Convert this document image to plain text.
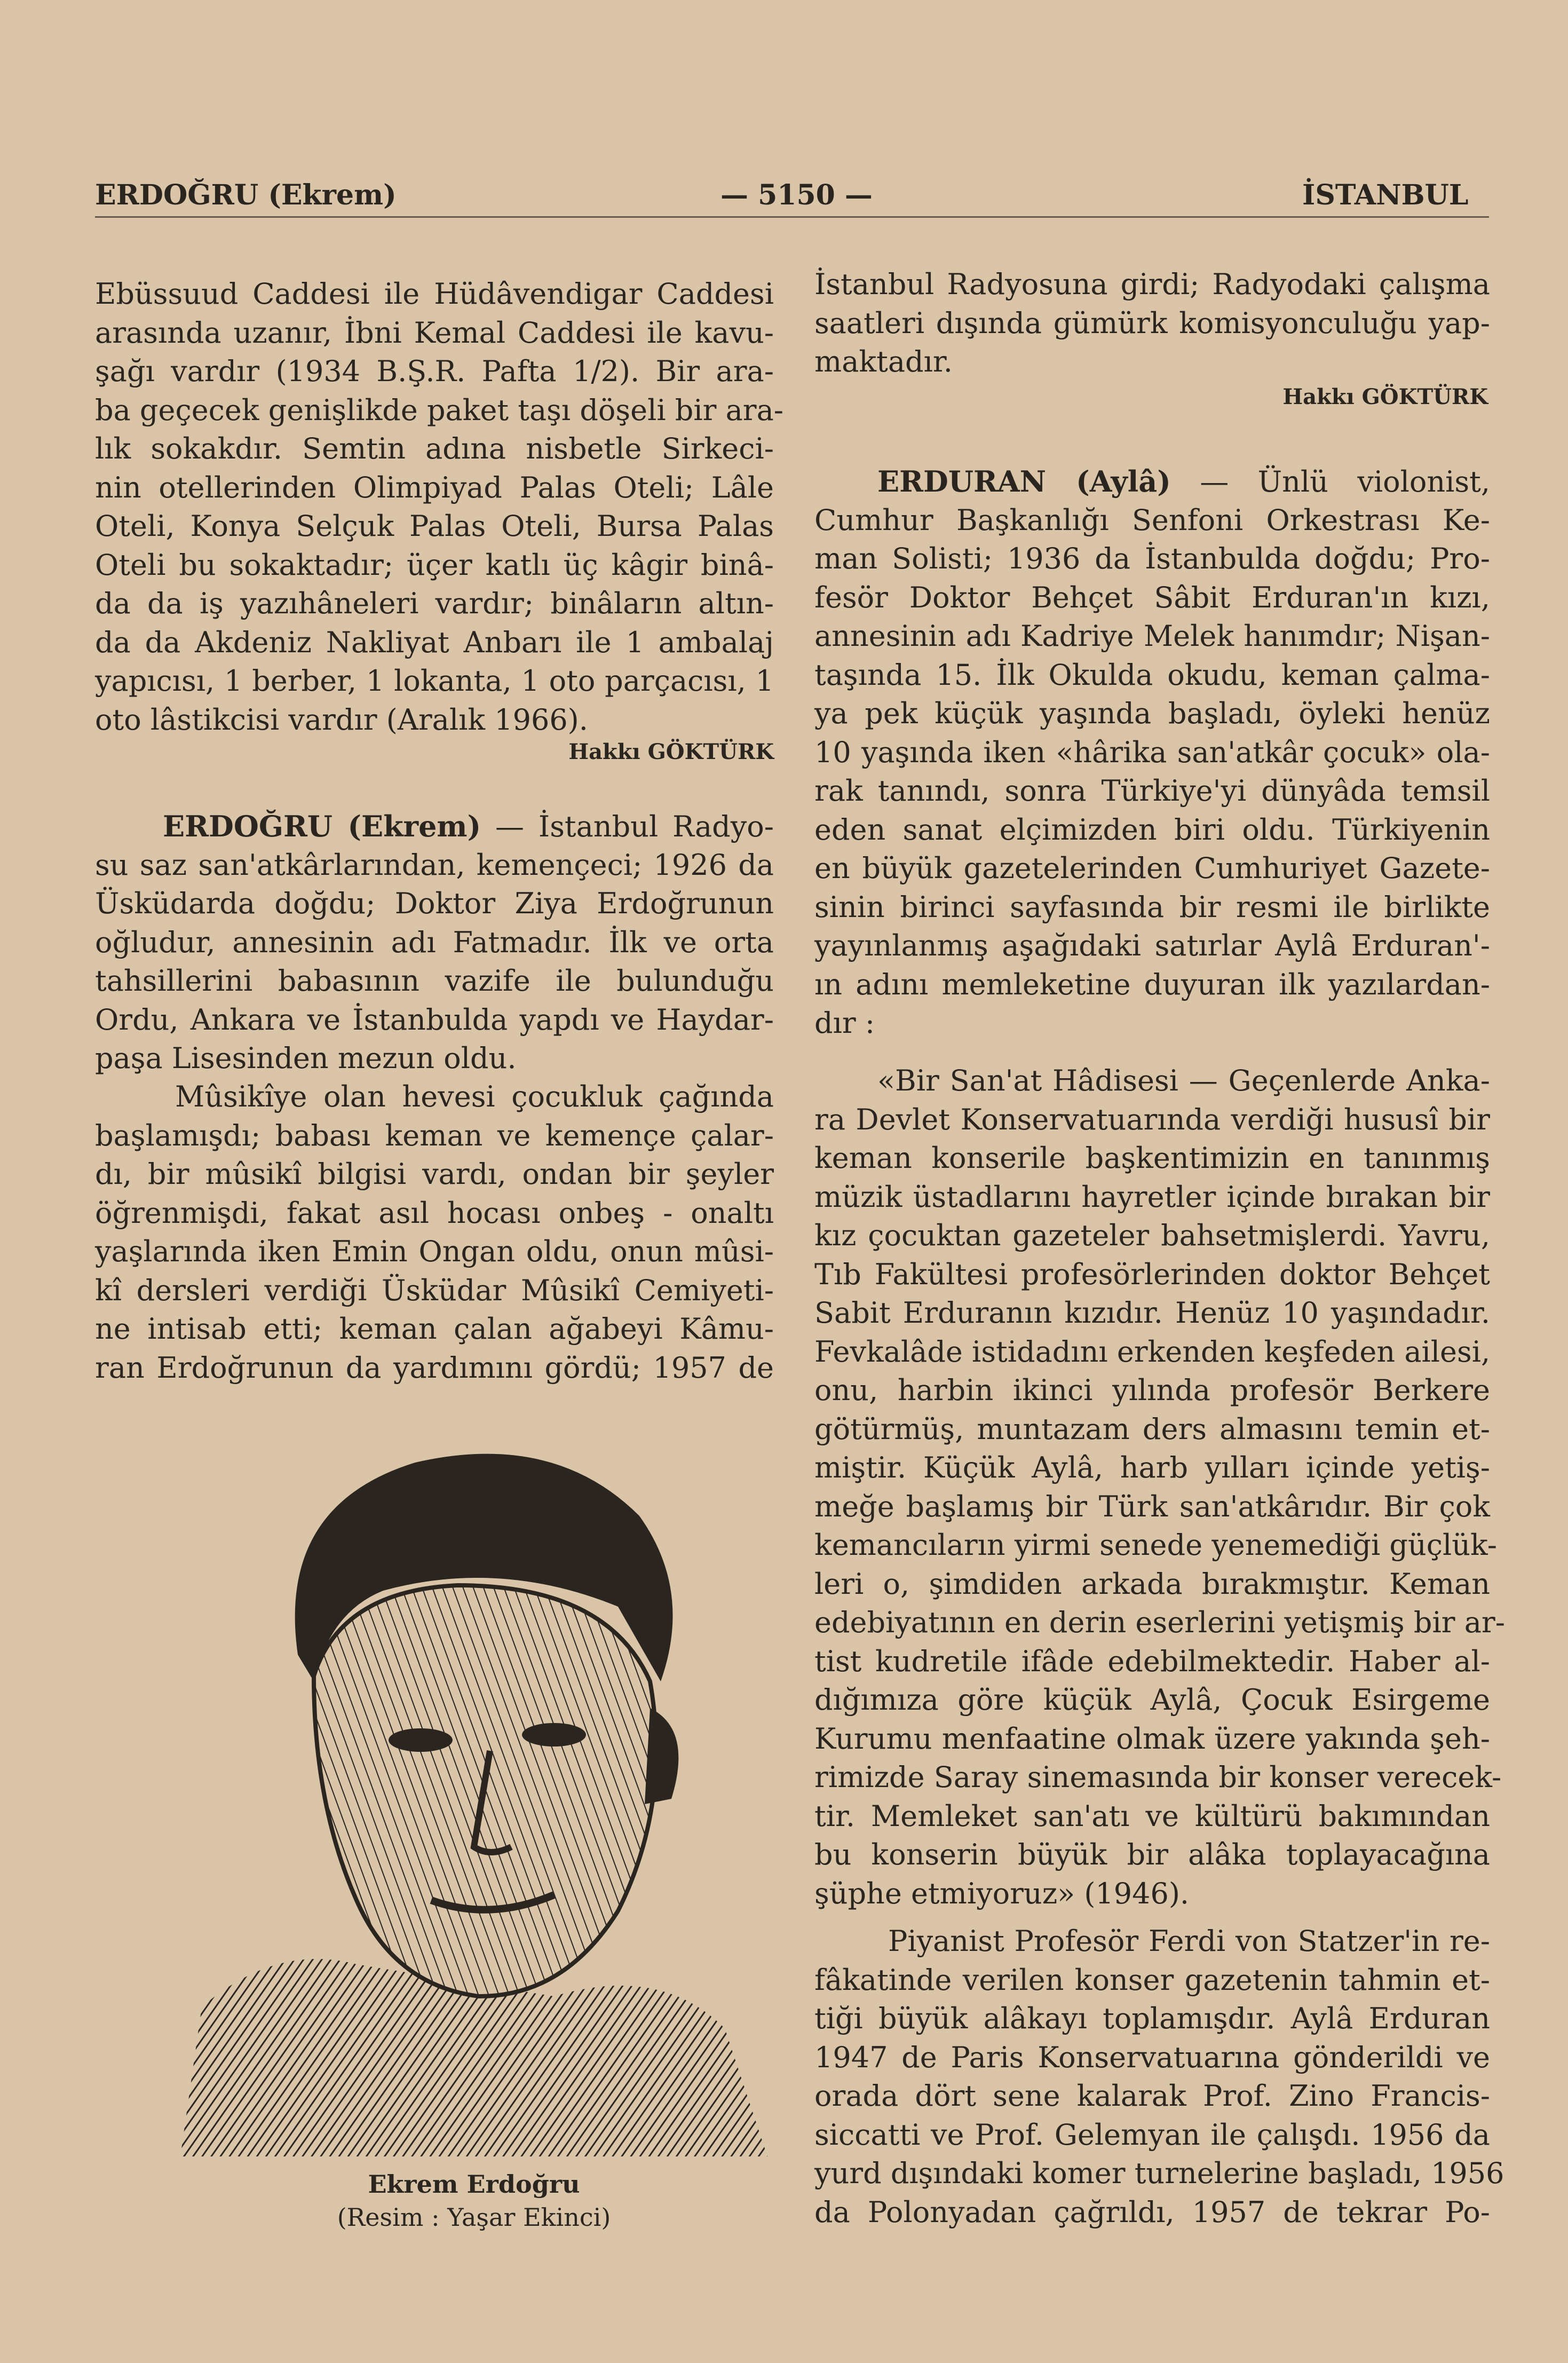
ERDOĞRU (Ekrem)	— 5150 —	İSTANBUL
Ebüssuud Caddesi ile Hüdâvendigar Caddesi
arasında uzanır, İbni Kemal Caddesi ile kavu-
şağı vardır (1934 B.Ş.R. Pafta 1/2). Bir ara-
ba geçecek genişlikde paket taşı döşeli bir ara-
lık sokakdır. Semtin adına nisbetle Sirkeci-
nin otellerinden Olimpiyad Palas Oteli; Lâle
Oteli, Konya Selçuk Palas Oteli, Bursa Palas
Oteli bu sokaktadır; üçer katlı üç kâgir binâ-
da da iş yazıhâneleri vardır; binâların altın-
da da Akdeniz Nakliyat Anbarı ile 1 ambalaj
yapıcısı, 1 berber, 1 lokanta, 1 oto parçacısı, 1
oto lâstikcisi vardır (Aralık 1966).
Hakkı GÖKTÜRK
ERDOĞRU (Ekrem) — İstanbul Radyo-
su saz san'atkârlarından, kemençeci; 1926 da
Üsküdarda doğdu; Doktor Ziya Erdoğrunun
oğludur, annesinin adı Fatmadır. İlk ve orta
tahsillerini babasının vazife ile bulunduğu
Ordu, Ankara ve İstanbulda yapdı ve Haydar-
paşa Lisesinden mezun oldu.
Mûsikîye olan hevesi çocukluk çağında
başlamışdı; babası keman ve kemençe çalar-
dı, bir mûsikî bilgisi vardı, ondan bir şeyler
öğrenmişdi, fakat asıl hocası onbeş - onaltı
yaşlarında iken Emin Ongan oldu, onun mûsi-
kî dersleri verdiği Üsküdar Mûsikî Cemiyeti-
ne intisab etti; keman çalan ağabeyi Kâmu-
ran Erdoğrunun da yardımını gördü; 1957 de
Ekrem Erdoğru
(Resim : Yaşar Ekinci)
İstanbul Radyosuna girdi; Radyodaki çalışma
saatleri dışında gümürk komisyonculuğu yap-
maktadır.
Hakkı GÖKTÜRK
ERDURAN (Aylâ) — Ünlü violonist,
Cumhur Başkanlığı Senfoni Orkestrası Ke-
man Solisti; 1936 da İstanbulda doğdu; Pro-
fesör Doktor Behçet Sâbit Erduran'ın kızı,
annesinin adı Kadriye Melek hanımdır; Nişan-
taşında 15. İlk Okulda okudu, keman çalma-
ya pek küçük yaşında başladı, öyleki henüz
10 yaşında iken «hârika san'atkâr çocuk» ola-
rak tanındı, sonra Türkiye'yi dünyâda temsil
eden sanat elçimizden biri oldu. Türkiyenin
en büyük gazetelerinden Cumhuriyet Gazete-
sinin birinci sayfasında bir resmi ile birlikte
yayınlanmış aşağıdaki satırlar Aylâ Erduran'-
ın adını memleketine duyuran ilk yazılardan-
dır :
«Bir San'at Hâdisesi — Geçenlerde Anka-
ra Devlet Konservatuarında verdiği hususî bir
keman konserile başkentimizin en tanınmış
müzik üstadlarını hayretler içinde bırakan bir
kız çocuktan gazeteler bahsetmişlerdi. Yavru,
Tıb Fakültesi profesörlerinden doktor Behçet
Sabit Erduranın kızıdır. Henüz 10 yaşındadır.
Fevkalâde istidadını erkenden keşfeden ailesi,
onu, harbin ikinci yılında profesör Berkere
götürmüş, muntazam ders almasını temin et-
miştir. Küçük Aylâ, harb yılları içinde yetiş-
meğe başlamış bir Türk san'atkârıdır. Bir çok
kemancıların yirmi senede yenemediği güçlük-
leri o, şimdiden arkada bırakmıştır. Keman
edebiyatının en derin eserlerini yetişmiş bir ar-
tist kudretile ifâde edebilmektedir. Haber al-
dığımıza göre küçük Aylâ, Çocuk Esirgeme
Kurumu menfaatine olmak üzere yakında şeh-
rimizde Saray sinemasında bir konser verecek-
tir. Memleket san'atı ve kültürü bakımından
bu konserin büyük bir alâka toplayacağına
şüphe etmiyoruz» (1946).
Piyanist Profesör Ferdi von Statzer'in re-
fâkatinde verilen konser gazetenin tahmin et-
tiği büyük alâkayı toplamışdır. Aylâ Erduran
1947 de Paris Konservatuarına gönderildi ve
orada dört sene kalarak Prof. Zino Francis-
siccatti ve Prof. Gelemyan ile çalışdı. 1956 da
yurd dışındaki komer turnelerine başladı, 1956
da Polonyadan çağrıldı, 1957 de tekrar Po-
